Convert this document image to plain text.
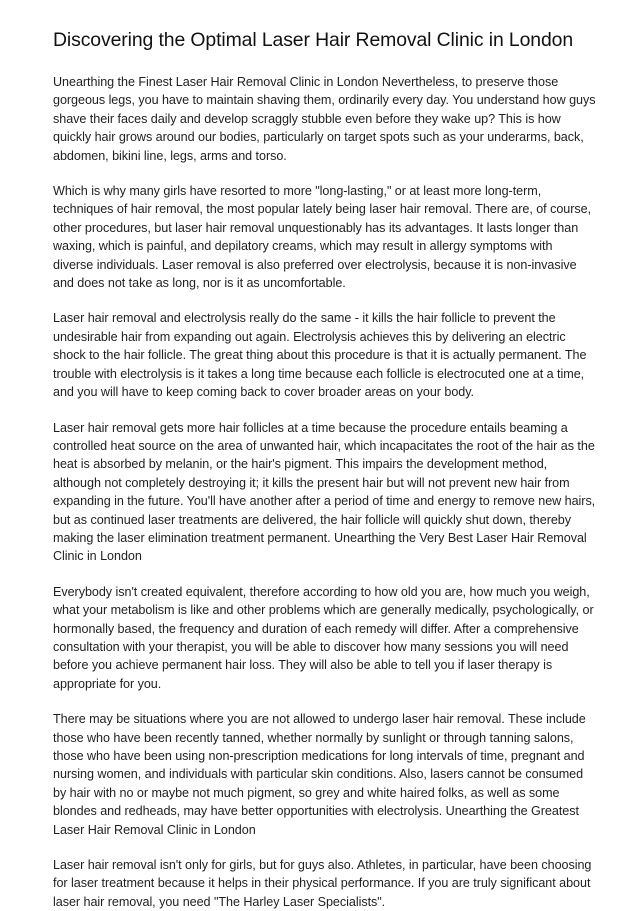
Discovering the Optimal Laser Hair Removal Clinic in London

Unearthing the Finest Laser Hair Removal Clinic in London Nevertheless, to preserve those gorgeous legs, you have to maintain shaving them, ordinarily every day. You understand how guys shave their faces daily and develop scraggly stubble even before they wake up? This is how quickly hair grows around our bodies, particularly on target spots such as your underarms, back, abdomen, bikini line, legs, arms and torso.

Which is why many girls have resorted to more "long-lasting," or at least more long-term, techniques of hair removal, the most popular lately being laser hair removal. There are, of course, other procedures, but laser hair removal unquestionably has its advantages. It lasts longer than waxing, which is painful, and depilatory creams, which may result in allergy symptoms with diverse individuals. Laser removal is also preferred over electrolysis, because it is non-invasive and does not take as long, nor is it as uncomfortable.

Laser hair removal and electrolysis really do the same - it kills the hair follicle to prevent the undesirable hair from expanding out again. Electrolysis achieves this by delivering an electric shock to the hair follicle. The great thing about this procedure is that it is actually permanent. The trouble with electrolysis is it takes a long time because each follicle is electrocuted one at a time, and you will have to keep coming back to cover broader areas on your body.

Laser hair removal gets more hair follicles at a time because the procedure entails beaming a controlled heat source on the area of unwanted hair, which incapacitates the root of the hair as the heat is absorbed by melanin, or the hair's pigment. This impairs the development method, although not completely destroying it; it kills the present hair but will not prevent new hair from expanding in the future. You'll have another after a period of time and energy to remove new hairs, but as continued laser treatments are delivered, the hair follicle will quickly shut down, thereby making the laser elimination treatment permanent. Unearthing the Very Best Laser Hair Removal Clinic in London

Everybody isn't created equivalent, therefore according to how old you are, how much you weigh, what your metabolism is like and other problems which are generally medically, psychologically, or hormonally based, the frequency and duration of each remedy will differ. After a comprehensive consultation with your therapist, you will be able to discover how many sessions you will need before you achieve permanent hair loss. They will also be able to tell you if laser therapy is appropriate for you.

There may be situations where you are not allowed to undergo laser hair removal. These include those who have been recently tanned, whether normally by sunlight or through tanning salons, those who have been using non-prescription medications for long intervals of time, pregnant and nursing women, and individuals with particular skin conditions. Also, lasers cannot be consumed by hair with no or maybe not much pigment, so grey and white haired folks, as well as some blondes and redheads, may have better opportunities with electrolysis. Unearthing the Greatest Laser Hair Removal Clinic in London

Laser hair removal isn't only for girls, but for guys also. Athletes, in particular, have been choosing for laser treatment because it helps in their physical performance. If you are truly significant about laser hair removal, you need "The Harley Laser Specialists".
